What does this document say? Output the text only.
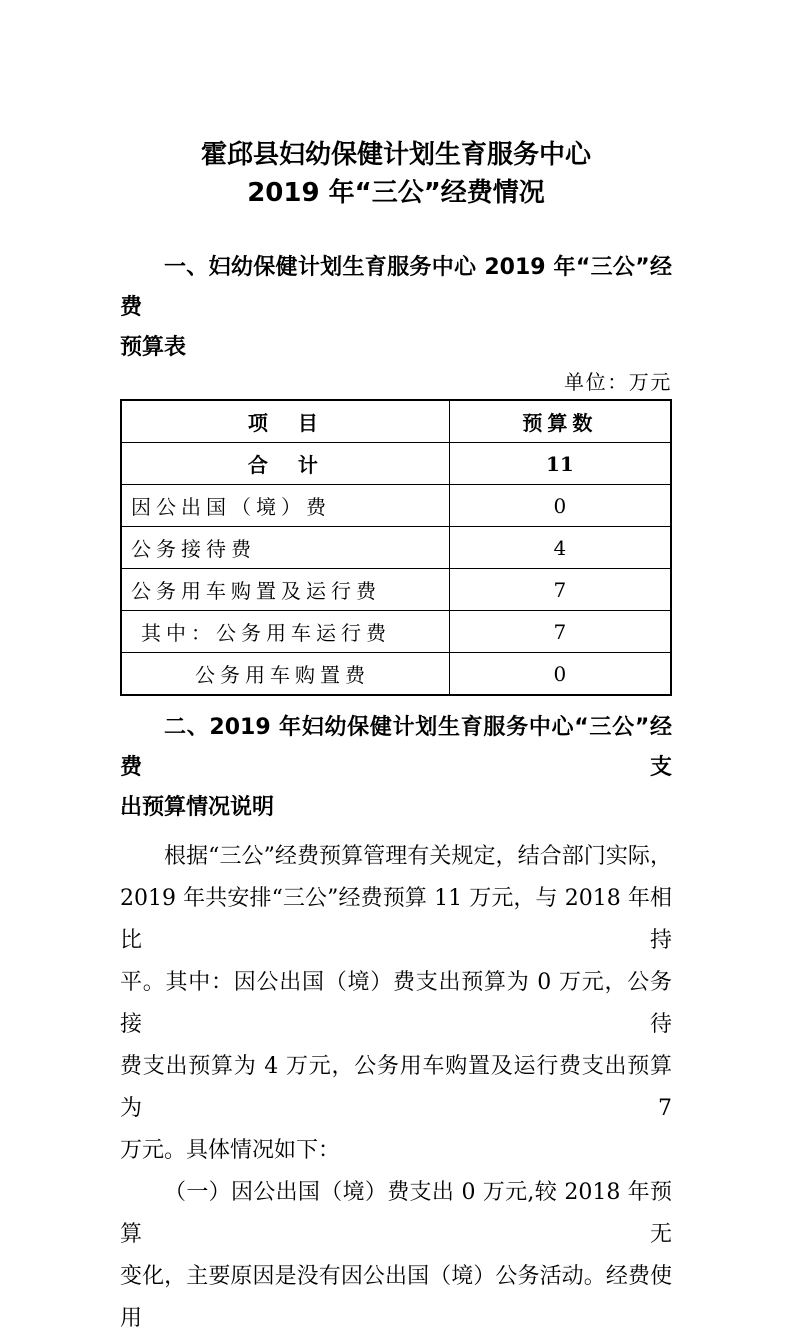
霍邱县妇幼保健计划生育服务中心
2019 年“三公”经费情况
一、妇幼保健计划生育服务中心 2019 年“三公”经费
预算表
单位：万元
项　目	预算数
合　计	11
因公出国（境）费	0
公务接待费	4
公务用车购置及运行费	7
其中：公务用车运行费	7
公务用车购置费	0
二、2019 年妇幼保健计划生育服务中心“三公”经费支
出预算情况说明
根据“三公”经费预算管理有关规定，结合部门实际，
2019 年共安排“三公”经费预算 11 万元，与 2018 年相比持
平。其中：因公出国（境）费支出预算为 0 万元，公务接待
费支出预算为 4 万元，公务用车购置及运行费支出预算为 7
万元。具体情况如下：
（一）因公出国（境）费支出 0 万元,较 2018 年预算无
变化，主要原因是没有因公出国（境）公务活动。经费使用
